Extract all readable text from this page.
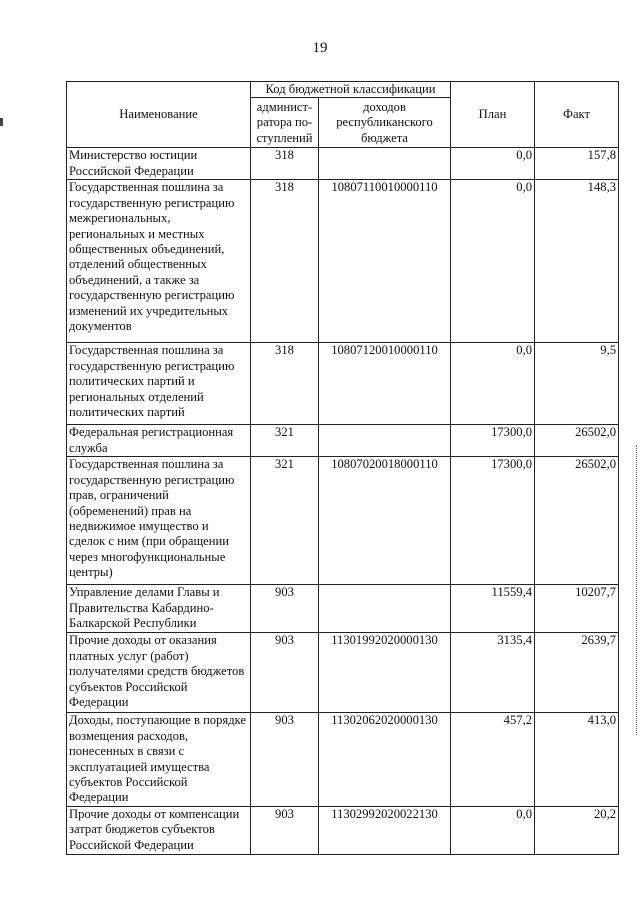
19
Наименование	Код бюджетной классификации		План	Факт
	админист-ратора по-ступлений	доходов республиканского бюджета		
Министерство юстиции Российской Федерации	318		0,0	157,8
Государственная пошлина за государственную регистрацию межрегиональных, региональных и местных общественных объединений, отделений общественных объединений, а также за государственную регистрацию изменений их учредительных документов	318	10807110010000110	0,0	148,3
Государственная пошлина за государственную регистрацию политических партий и региональных отделений политических партий	318	10807120010000110	0,0	9,5
Федеральная регистрационная служба	321		17300,0	26502,0
Государственная пошлина за государственную регистрацию прав, ограничений (обременений) прав на недвижимое имущество и сделок с ним (при обращении через многофункциональные центры)	321	10807020018000110	17300,0	26502,0
Управление делами Главы и Правительства Кабардино-Балкарской Республики	903		11559,4	10207,7
Прочие доходы от оказания платных услуг (работ) получателями средств бюджетов субъектов Российской Федерации	903	11301992020000130	3135,4	2639,7
Доходы, поступающие в порядке возмещения расходов, понесенных в связи с эксплуатацией имущества субъектов Российской Федерации	903	11302062020000130	457,2	413,0
Прочие доходы от компенсации затрат бюджетов субъектов Российской Федерации	903	11302992020022130	0,0	20,2
